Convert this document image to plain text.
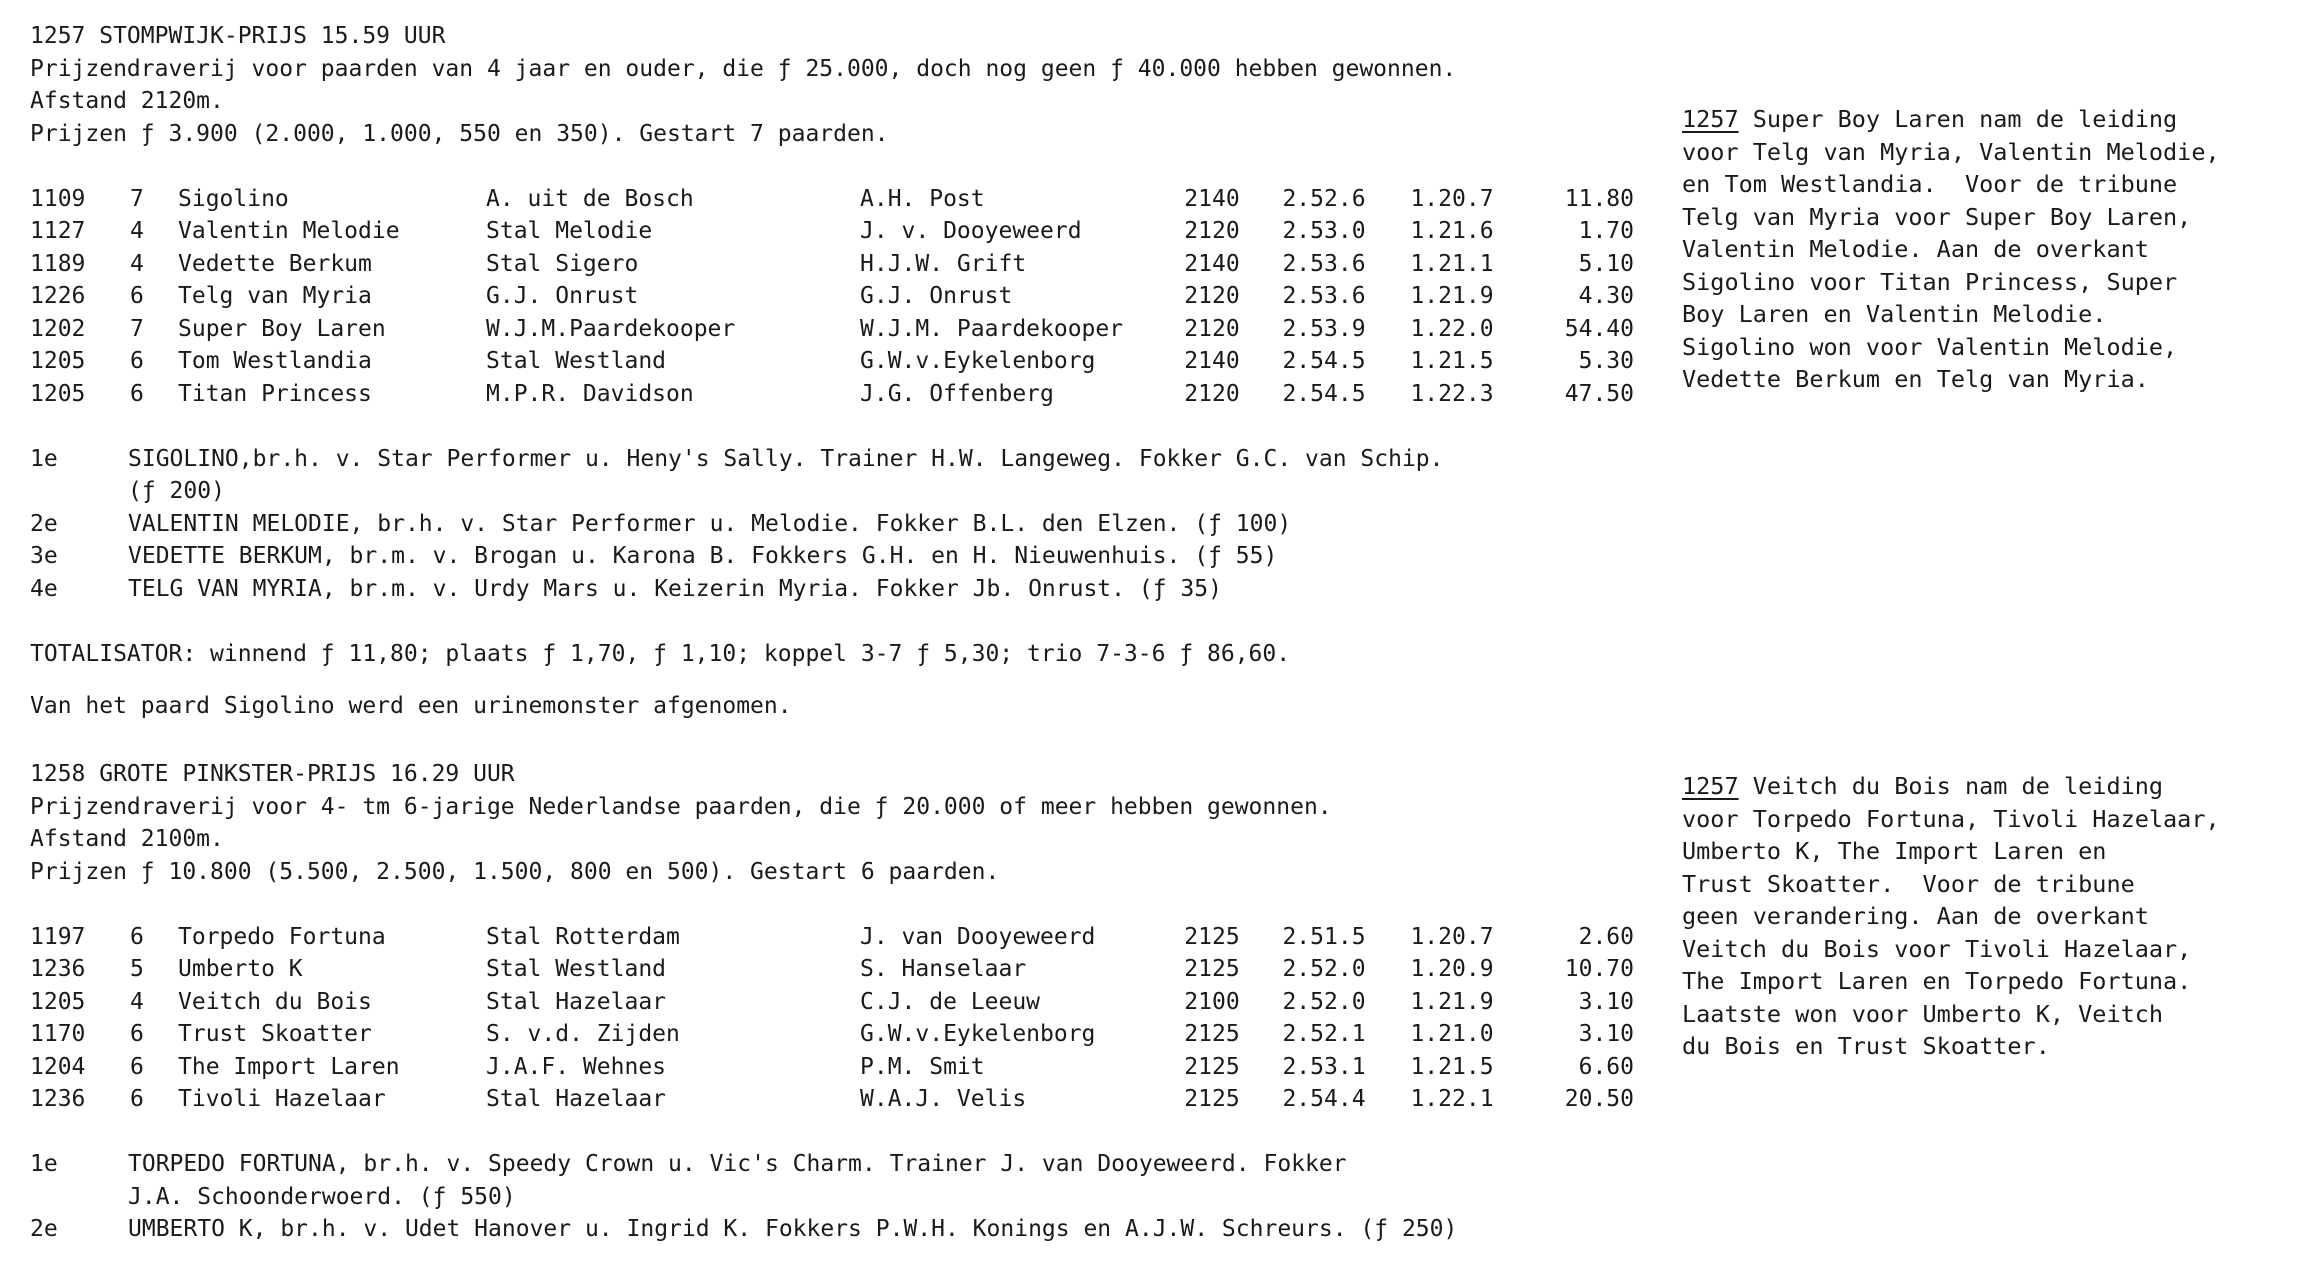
1257 STOMPWIJK-PRIJS 15.59 UUR
Prijzendraverij voor paarden van 4 jaar en ouder, die ƒ 25.000, doch nog geen ƒ 40.000 hebben gewonnen.
Afstand 2120m.
Prijzen ƒ 3.900 (2.000, 1.000, 550 en 350). Gestart 7 paarden.
1109	7	Sigolino	A. uit de Bosch	A.H. Post	2140	2.52.6	1.20.7	11.80
1127	4	Valentin Melodie	Stal Melodie	J. v. Dooyeweerd	2120	2.53.0	1.21.6	1.70
1189	4	Vedette Berkum	Stal Sigero	H.J.W. Grift	2140	2.53.6	1.21.1	5.10
1226	6	Telg van Myria	G.J. Onrust	G.J. Onrust	2120	2.53.6	1.21.9	4.30
1202	7	Super Boy Laren	W.J.M.Paardekooper	W.J.M. Paardekooper	2120	2.53.9	1.22.0	54.40
1205	6	Tom Westlandia	Stal Westland	G.W.v.Eykelenborg	2140	2.54.5	1.21.5	5.30
1205	6	Titan Princess	M.P.R. Davidson	J.G. Offenberg	2120	2.54.5	1.22.3	47.50
1e	SIGOLINO,br.h. v. Star Performer u. Heny's Sally. Trainer H.W. Langeweg. Fokker G.C. van Schip.
(ƒ 200)

2e	VALENTIN MELODIE, br.h. v. Star Performer u. Melodie. Fokker B.L. den Elzen. (ƒ 100)

3e	VEDETTE BERKUM, br.m. v. Brogan u. Karona B. Fokkers G.H. en H. Nieuwenhuis. (ƒ 55)

4e	TELG VAN MYRIA, br.m. v. Urdy Mars u. Keizerin Myria. Fokker Jb. Onrust. (ƒ 35)
TOTALISATOR: winnend ƒ 11,80; plaats ƒ 1,70, ƒ 1,10; koppel 3-7 ƒ 5,30; trio 7-3-6 ƒ 86,60.
Van het paard Sigolino werd een urinemonster afgenomen.
1257 Super Boy Laren nam de leiding
voor Telg van Myria, Valentin Melodie,
en Tom Westlandia.  Voor de tribune
Telg van Myria voor Super Boy Laren,
Valentin Melodie. Aan de overkant
Sigolino voor Titan Princess, Super
Boy Laren en Valentin Melodie.
Sigolino won voor Valentin Melodie,
Vedette Berkum en Telg van Myria.
1258 GROTE PINKSTER-PRIJS 16.29 UUR
Prijzendraverij voor 4- tm 6-jarige Nederlandse paarden, die ƒ 20.000 of meer hebben gewonnen.
Afstand 2100m.
Prijzen ƒ 10.800 (5.500, 2.500, 1.500, 800 en 500). Gestart 6 paarden.
1197	6	Torpedo Fortuna	Stal Rotterdam	J. van Dooyeweerd	2125	2.51.5	1.20.7	2.60
1236	5	Umberto K	Stal Westland	S. Hanselaar	2125	2.52.0	1.20.9	10.70
1205	4	Veitch du Bois	Stal Hazelaar	C.J. de Leeuw	2100	2.52.0	1.21.9	3.10
1170	6	Trust Skoatter	S. v.d. Zijden	G.W.v.Eykelenborg	2125	2.52.1	1.21.0	3.10
1204	6	The Import Laren	J.A.F. Wehnes	P.M. Smit	2125	2.53.1	1.21.5	6.60
1236	6	Tivoli Hazelaar	Stal Hazelaar	W.A.J. Velis	2125	2.54.4	1.22.1	20.50
1e	TORPEDO FORTUNA, br.h. v. Speedy Crown u. Vic's Charm. Trainer J. van Dooyeweerd. Fokker
J.A. Schoonderwoerd. (ƒ 550)

2e	UMBERTO K, br.h. v. Udet Hanover u. Ingrid K. Fokkers P.W.H. Konings en A.J.W. Schreurs. (ƒ 250)
1257 Veitch du Bois nam de leiding
voor Torpedo Fortuna, Tivoli Hazelaar,
Umberto K, The Import Laren en
Trust Skoatter.  Voor de tribune
geen verandering. Aan de overkant
Veitch du Bois voor Tivoli Hazelaar,
The Import Laren en Torpedo Fortuna.
Laatste won voor Umberto K, Veitch
du Bois en Trust Skoatter.
